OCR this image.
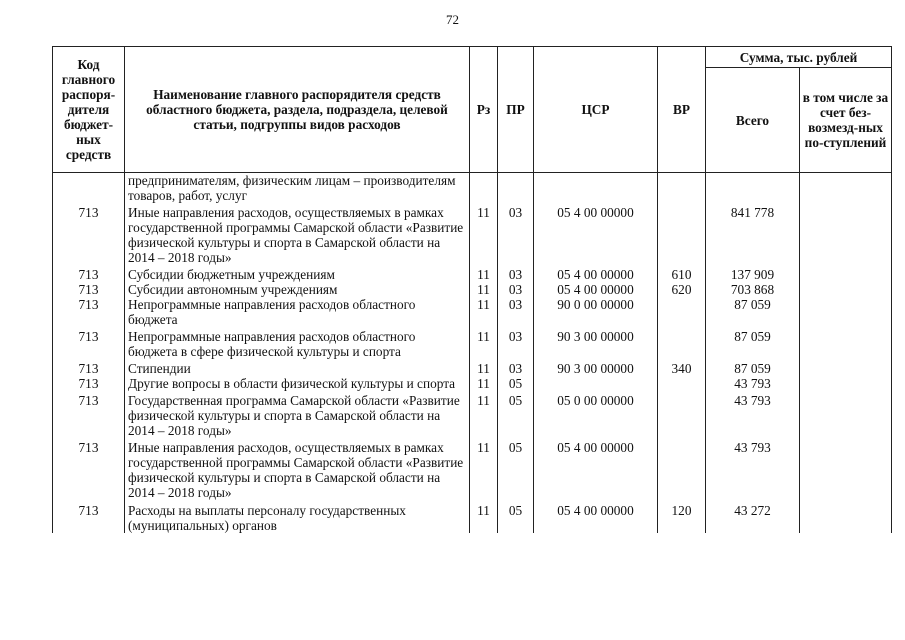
72
Код главного распоря-дителя бюджет-ных средств	Наименование главного распорядителя средств областного бюджета, раздела, подраздела, целевой статьи, подгруппы видов расходов	Рз	ПР	ЦСР	ВР	Сумма, тыс. рублей	
						Всего	в том числе за счет без-возмезд-ных по-ступлений
	предпринимателям, физическим лицам – производителям товаров, работ, услуг						
713	Иные направления расходов, осуществляемых в рамках государственной программы Самарской области «Развитие физической культуры и спорта в Самарской области на 2014 – 2018 годы»	11	03	05 4 00 00000		841 778	
713	Субсидии бюджетным учреждениям	11	03	05 4 00 00000	610	137 909	
713	Субсидии автономным учреждениям	11	03	05 4 00 00000	620	703 868	
713	Непрограммные направления расходов областного бюджета	11	03	90 0 00 00000		87 059	
713	Непрограммные направления расходов областного бюджета в сфере физической культуры и спорта	11	03	90 3 00 00000		87 059	
713	Стипендии	11	03	90 3 00 00000	340	87 059	
713	Другие вопросы в области физической культуры и спорта	11	05			43 793	
713	Государственная программа Самарской области «Развитие физической культуры и спорта в Самарской области на 2014 – 2018 годы»	11	05	05 0 00 00000		43 793	
713	Иные направления расходов, осуществляемых в рамках государственной программы Самарской области «Развитие физической культуры и спорта в Самарской области на 2014 – 2018 годы»	11	05	05 4 00 00000		43 793	
713	Расходы на выплаты персоналу государственных (муниципальных) органов	11	05	05 4 00 00000	120	43 272	
